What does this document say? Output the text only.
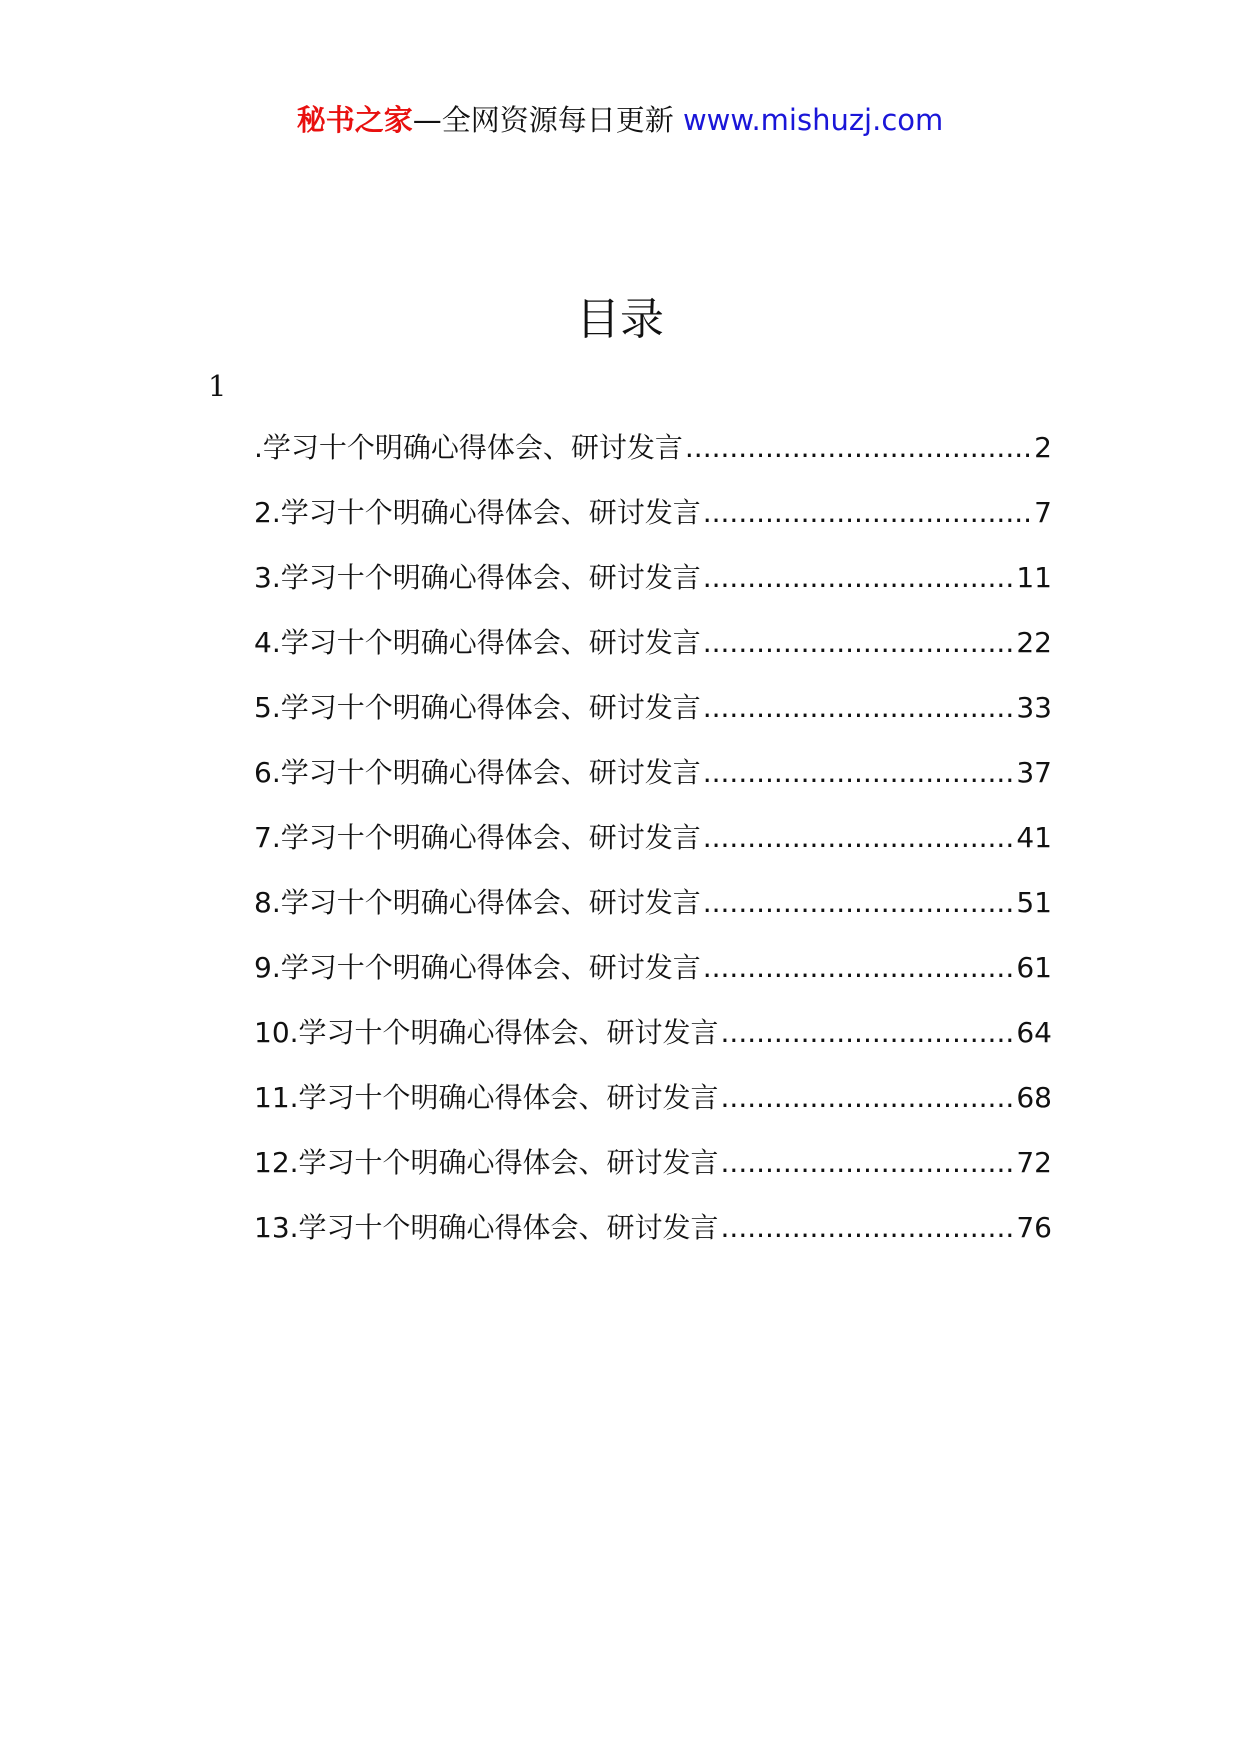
秘书之家—全网资源每日更新 www.mishuzj.com
目录
1
.学习十个明确心得体会、研讨发言 .....	2
2.学习十个明确心得体会、研讨发言 .....	7
3.学习十个明确心得体会、研讨发言 .....	11
4.学习十个明确心得体会、研讨发言 .....	22
5.学习十个明确心得体会、研讨发言 .....	33
6.学习十个明确心得体会、研讨发言 .....	37
7.学习十个明确心得体会、研讨发言 .....	41
8.学习十个明确心得体会、研讨发言 .....	51
9.学习十个明确心得体会、研讨发言 .....	61
10.学习十个明确心得体会、研讨发言 .....	64
11.学习十个明确心得体会、研讨发言 .....	68
12.学习十个明确心得体会、研讨发言 .....	72
13.学习十个明确心得体会、研讨发言 .....	76
